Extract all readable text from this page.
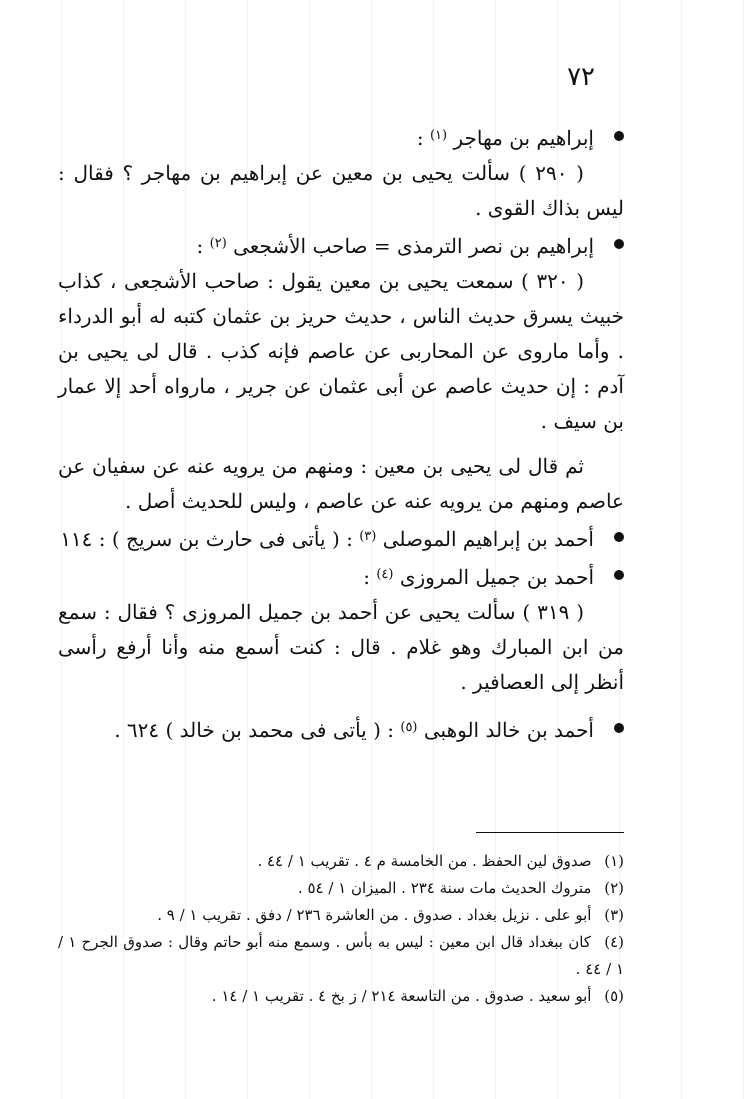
٧٢

إبراهيم بن مهاجر $^{(١)}$ :

( ٢٩٠ ) سألت يحيى بن معين عن إبراهيم بن مهاجر ؟ فقال : ليس بذاك القوى .

إبراهيم بن نصر الترمذى = صاحب الأشجعى $^{(٢)}$ :

( ٣٢٠ ) سمعت يحيى بن معين يقول : صاحب الأشجعى ، كذاب خبيث يسرق حديث الناس ، حديث حريز بن عثمان كتبه له أبو الدرداء . وأما ماروى عن المحاربى عن عاصم فإنه كذب . قال لى يحيى بن آدم : إن حديث عاصم عن أبى عثمان عن جرير ، مارواه أحد إلا عمار بن سيف .

ثم قال لى يحيى بن معين : ومنهم من يرويه عنه عن سفيان عن عاصم ومنهم من يرويه عنه عن عاصم ، وليس للحديث أصل .

أحمد بن إبراهيم الموصلى $^{(٣)}$ : ( يأتى فى حارث بن سريج ) : ١١٤

أحمد بن جميل المروزى $^{(٤)}$ :

( ٣١٩ ) سألت يحيى عن أحمد بن جميل المروزى ؟ فقال : سمع من ابن المبارك وهو غلام . قال : كنت أسمع منه وأنا أرفع رأسى أنظر إلى العصافير .

أحمد بن خالد الوهبى $^{(٥)}$ : ( يأتى فى محمد بن خالد ) ٦٢٤ .

(١) صدوق لين الحفظ . من الخامسة م ٤ . تقريب ١ / ٤٤ .

(٢) متروك الحديث مات سنة ٢٣٤ . الميزان ١ / ٥٤ .

(٣) أبو على . نزيل بغداد . صدوق . من العاشرة ٢٣٦ / دفق . تقريب ١ / ٩ .

(٤) كان ببغداد قال ابن معين : ليس به بأس . وسمع منه أبو حاتم وقال : صدوق الجرح ١ / ١ / ٤٤ .

(٥) أبو سعيد . صدوق . من التاسعة ٢١٤ / ز بخ ٤ . تقريب ١ / ١٤ .
